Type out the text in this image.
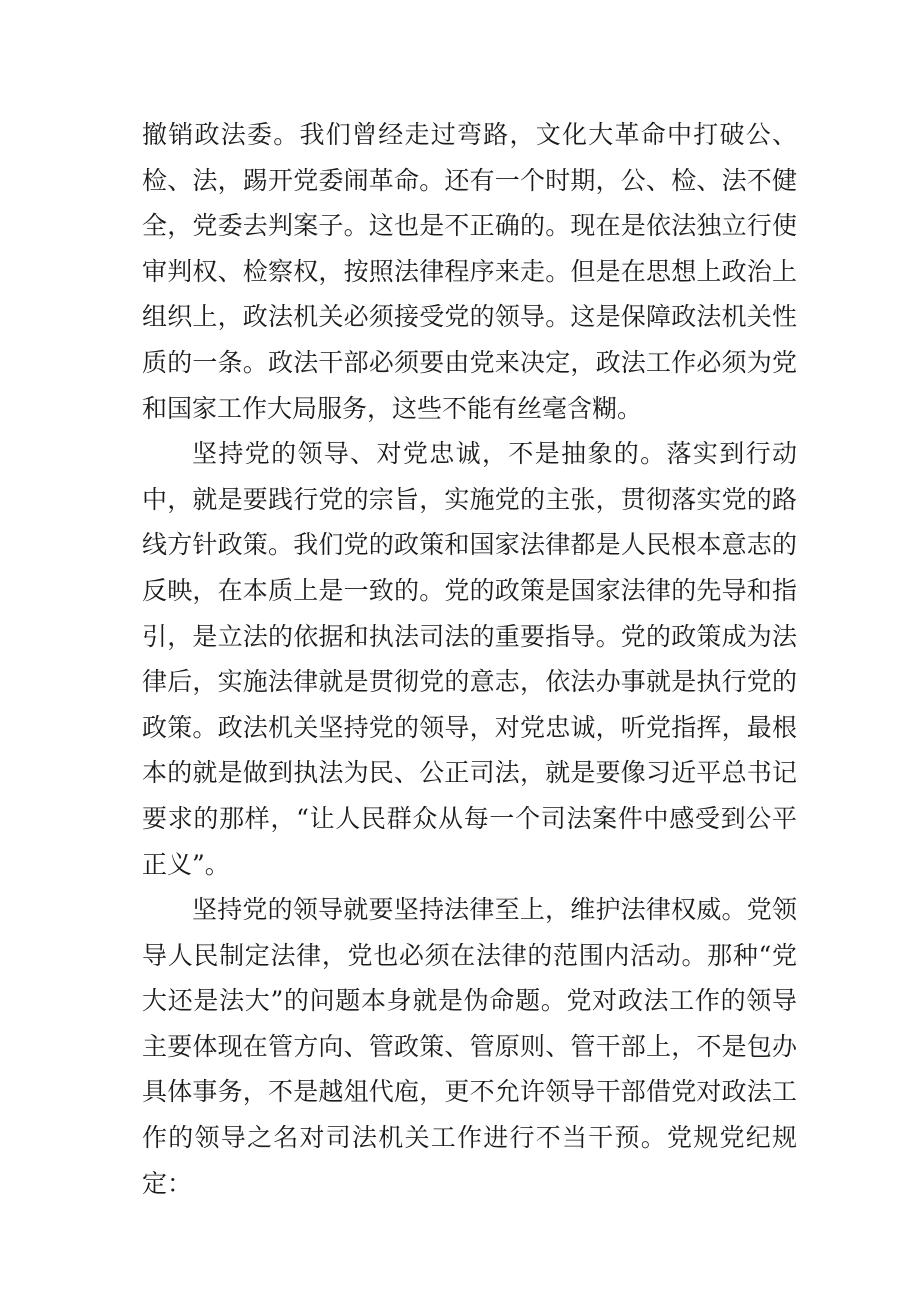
撤销政法委。我们曾经走过弯路，文化大革命中打破公、检、法，踢开党委闹革命。还有一个时期，公、检、法不健全，党委去判案子。这也是不正确的。现在是依法独立行使审判权、检察权，按照法律程序来走。但是在思想上政治上组织上，政法机关必须接受党的领导。这是保障政法机关性质的一条。政法干部必须要由党来决定，政法工作必须为党和国家工作大局服务，这些不能有丝毫含糊。

坚持党的领导、对党忠诚，不是抽象的。落实到行动中，就是要践行党的宗旨，实施党的主张，贯彻落实党的路线方针政策。我们党的政策和国家法律都是人民根本意志的反映，在本质上是一致的。党的政策是国家法律的先导和指引，是立法的依据和执法司法的重要指导。党的政策成为法律后，实施法律就是贯彻党的意志，依法办事就是执行党的政策。政法机关坚持党的领导，对党忠诚，听党指挥，最根本的就是做到执法为民、公正司法，就是要像习近平总书记要求的那样，“让人民群众从每一个司法案件中感受到公平正义”。

坚持党的领导就要坚持法律至上，维护法律权威。党领导人民制定法律，党也必须在法律的范围内活动。那种“党大还是法大”的问题本身就是伪命题。党对政法工作的领导主要体现在管方向、管政策、管原则、管干部上，不是包办具体事务，不是越俎代庖，更不允许领导干部借党对政法工作的领导之名对司法机关工作进行不当干预。党规党纪规定：
